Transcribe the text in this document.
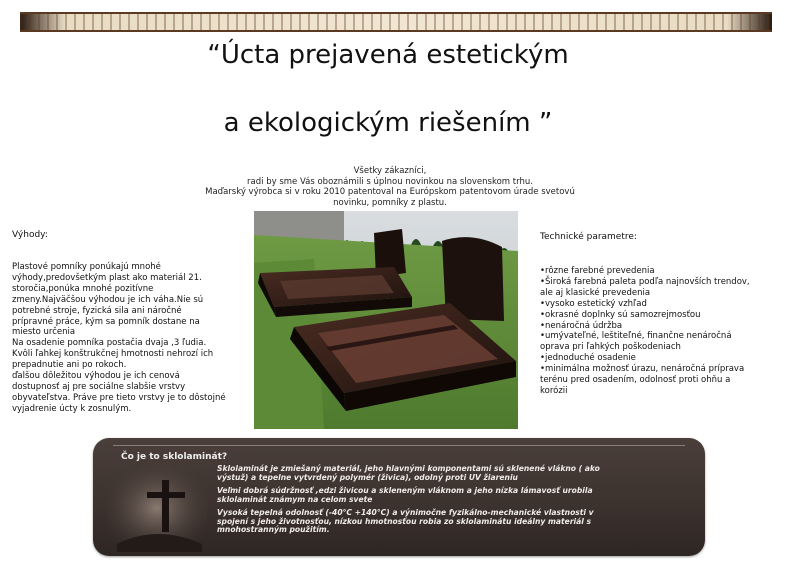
“Úcta prejavená estetickým
a ekologickým riešením ”
Všetky zákazníci,
radi by sme Vás oboznámili s úplnou novinkou na slovenskom trhu.
Maďarský výrobca si v roku 2010 patentoval na Európskom patentovom úrade svetovú
novinku, pomníky z plastu.
Výhody:	Technické parametre:
Plastové pomníky ponúkajú mnohé
výhody,predovšetkým plast ako materiál 21.
storočia,ponúka mnohé pozitívne
zmeny.Najväčšou výhodou je ich váha.Nie sú
potrebné stroje, fyzická sila ani náročné
prípravné práce, kým sa pomník dostane na
miesto určenia
Na osadenie pomníka postačia dvaja ,3 ľudia.
Kvôli ľahkej konštrukčnej hmotnosti nehrozí ich
prepadnutie ani po rokoch.
ďalšou dôležitou výhodou je ich cenová
dostupnosť aj pre sociálne slabšie vrstvy
obyvateľstva. Práve pre tieto vrstvy je to dôstojné
vyjadrenie úcty k zosnulým.
•rôzne farebné prevedenia
•Široká farebná paleta podľa najnovších trendov,
ale aj klasické prevedenia
•vysoko estetický vzhľad
•okrasné doplnky sú samozrejmosťou
•nenáročná údržba
•umývateľné, leštiteľné, finančne nenáročná
oprava pri ľahkých poškodeniach
•jednoduché osadenie
•minimálna možnosť úrazu, nenáročná príprava
terénu pred osadením, odolnosť proti ohňu a
korózii
Čo je to sklolaminát?

Sklolaminát je zmiešaný materiál, jeho hlavnými komponentami sú sklenené vlákno ( ako
výstuž) a tepelne vytvrdený polymér (živica), odolný proti UV žiareniu

Veľmi dobrá súdržnosť ,edzi živicou a skleneným vláknom a jeho nízka lámavosť urobila
sklolaminát známym na celom svete

Vysoká tepelná odolnosť (-40°C +140°C) a výnimočne fyzikálno-mechanické vlastnosti v
spojení s jeho životnosťou, nízkou hmotnosťou robia zo sklolaminátu ideálny materiál s
mnohostranným použitím.
